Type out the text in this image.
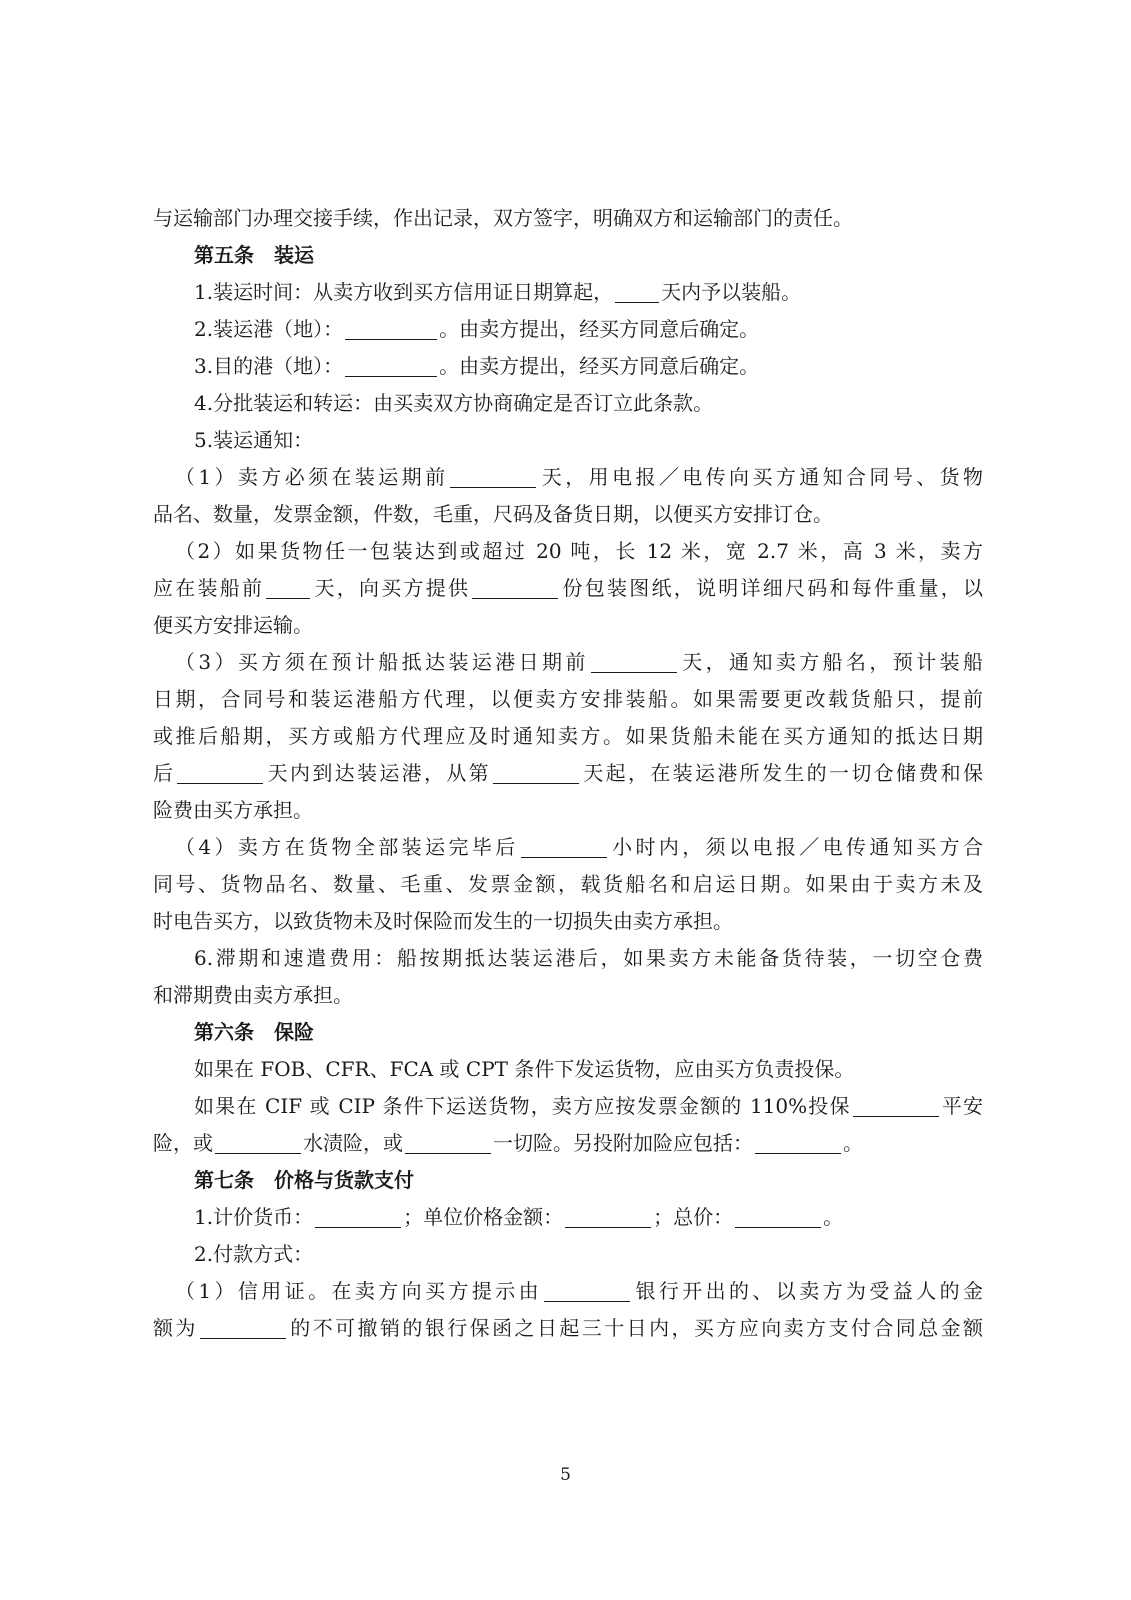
与运输部门办理交接手续，作出记录，双方签字，明确双方和运输部门的责任。
第五条　装运
1.装运时间：从卖方收到买方信用证日期算起， 天内予以装船。
2.装运港（地）：	。由卖方提出，经买方同意后确定。
3.目的港（地）：	。由卖方提出，经买方同意后确定。
4.分批装运和转运：由买卖双方协商确定是否订立此条款。
5.装运通知：
（1）卖方必须在装运期前	天，用电报／电传向买方通知合同号、货物
品名、数量，发票金额，件数，毛重，尺码及备货日期，以便买方安排订仓。
（2）如果货物任一包装达到或超过 20 吨，长 12 米，宽 2.7 米，高 3 米，卖方
应在装船前 天，向买方提供	份包装图纸，说明详细尺码和每件重量，以
便买方安排运输。
（3）买方须在预计船抵达装运港日期前	天，通知卖方船名，预计装船
日期，合同号和装运港船方代理，以便卖方安排装船。如果需要更改载货船只，提前
或推后船期，买方或船方代理应及时通知卖方。如果货船未能在买方通知的抵达日期
后	天内到达装运港，从第	天起，在装运港所发生的一切仓储费和保
险费由买方承担。
（4）卖方在货物全部装运完毕后	小时内，须以电报／电传通知买方合
同号、货物品名、数量、毛重、发票金额，载货船名和启运日期。如果由于卖方未及
时电告买方，以致货物未及时保险而发生的一切损失由卖方承担。
6.滞期和速遣费用：船按期抵达装运港后，如果卖方未能备货待装，一切空仓费
和滞期费由卖方承担。
第六条　保险
如果在 FOB、CFR、FCA 或 CPT 条件下发运货物，应由买方负责投保。
如果在 CIF 或 CIP 条件下运送货物，卖方应按发票金额的 110%投保	平安
险，或	水渍险，或	一切险。另投附加险应包括：	。
第七条　价格与货款支付
1.计价货币：	；单位价格金额：	；总价：	。
2.付款方式：
（1）信用证。在卖方向买方提示由	银行开出的、以卖方为受益人的金
额为	的不可撤销的银行保函之日起三十日内，买方应向卖方支付合同总金额
5
